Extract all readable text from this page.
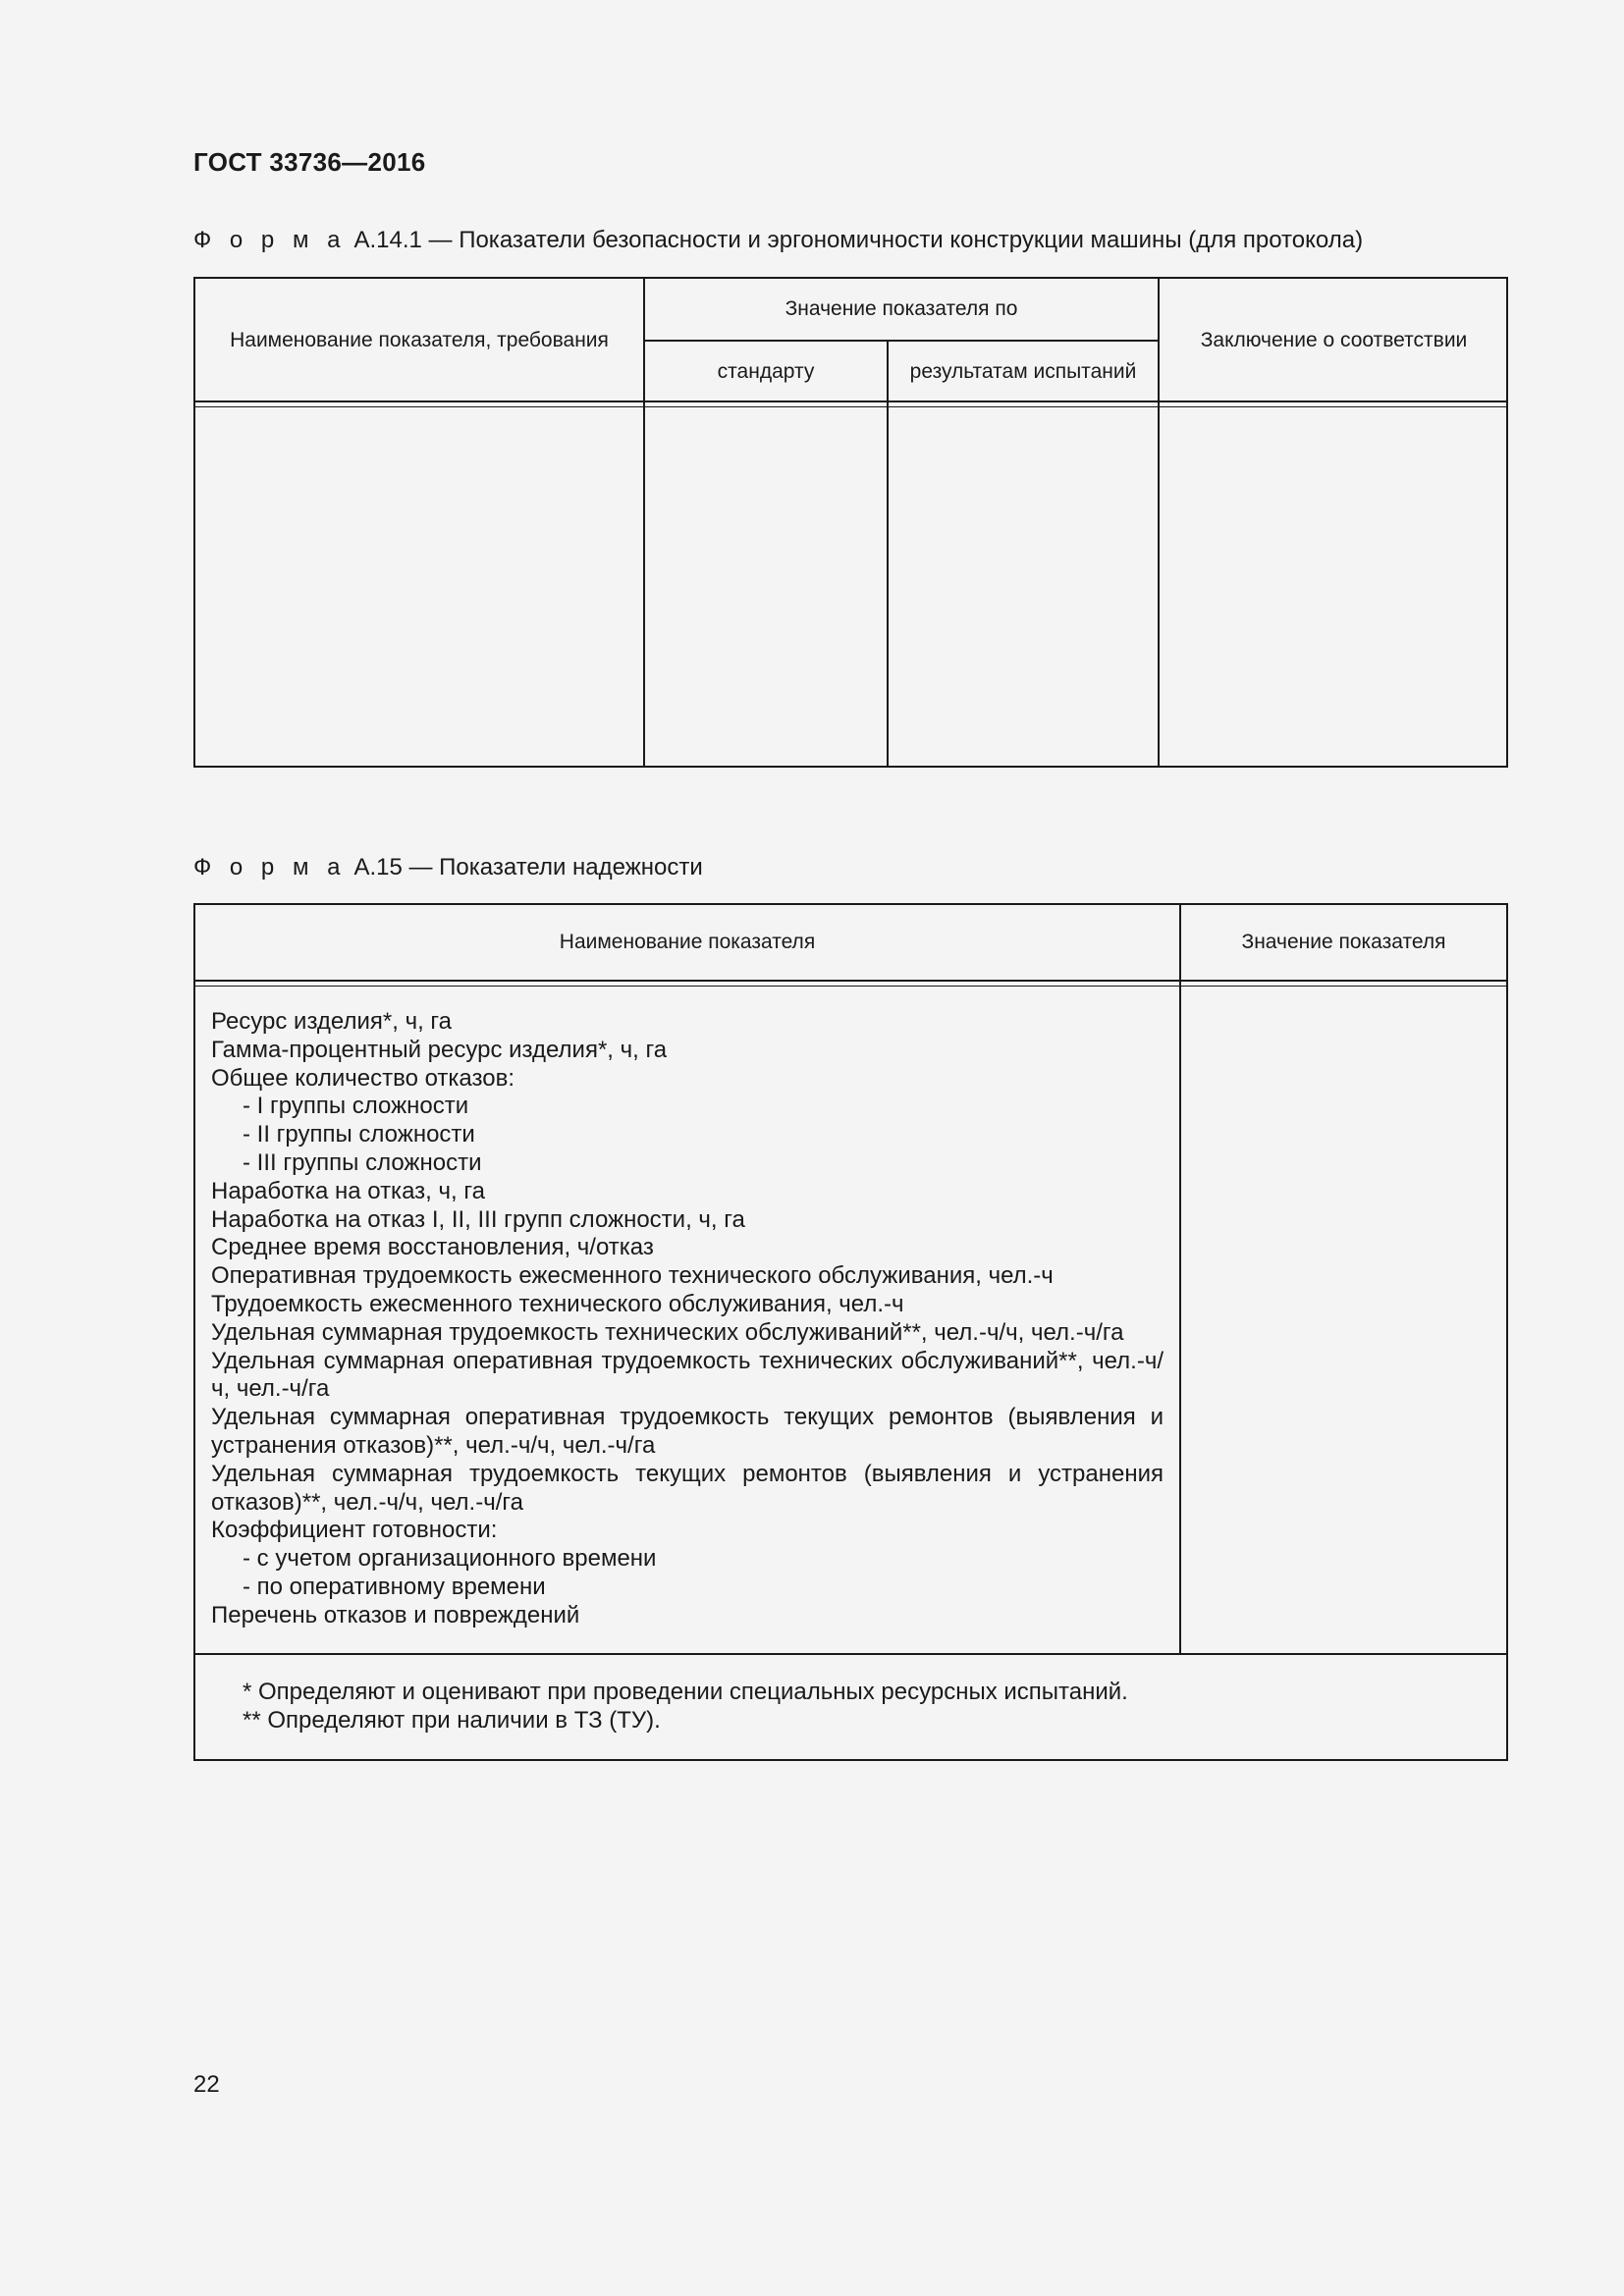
ГОСТ 33736—2016
Ф о р м а А.14.1 — Показатели безопасности и эргономичности конструкции машины (для протокола)
Наименование показателя, требования
Значение показателя по
стандарту	результатам испытаний
Заключение о соответствии
Ф о р м а А.15 — Показатели надежности
Наименование показателя	Значение показателя
Ресурс изделия*, ч, га
Гамма-процентный ресурс изделия*, ч, га
Общее количество отказов:
- I группы сложности
- II группы сложности
- III группы сложности
Наработка на отказ, ч, га
Наработка на отказ I, II, III групп сложности, ч, га
Среднее время восстановления, ч/отказ
Оперативная трудоемкость ежесменного технического обслуживания, чел.-ч
Трудоемкость ежесменного технического обслуживания, чел.-ч
Удельная суммарная трудоемкость технических обслуживаний**, чел.-ч/ч, чел.-ч/га
Удельная суммарная оперативная трудоемкость технических обслуживаний**, чел.-ч/ч, чел.-ч/га
Удельная суммарная оперативная трудоемкость текущих ремонтов (выявления и устранения отказов)**, чел.-ч/ч, чел.-ч/га
Удельная суммарная трудоемкость текущих ремонтов (выявления и устранения отказов)**, чел.-ч/ч, чел.-ч/га
Коэффициент готовности:
- с учетом организационного времени
- по оперативному времени
Перечень отказов и повреждений
* Определяют и оценивают при проведении специальных ресурсных испытаний.
** Определяют при наличии в ТЗ (ТУ).
22
